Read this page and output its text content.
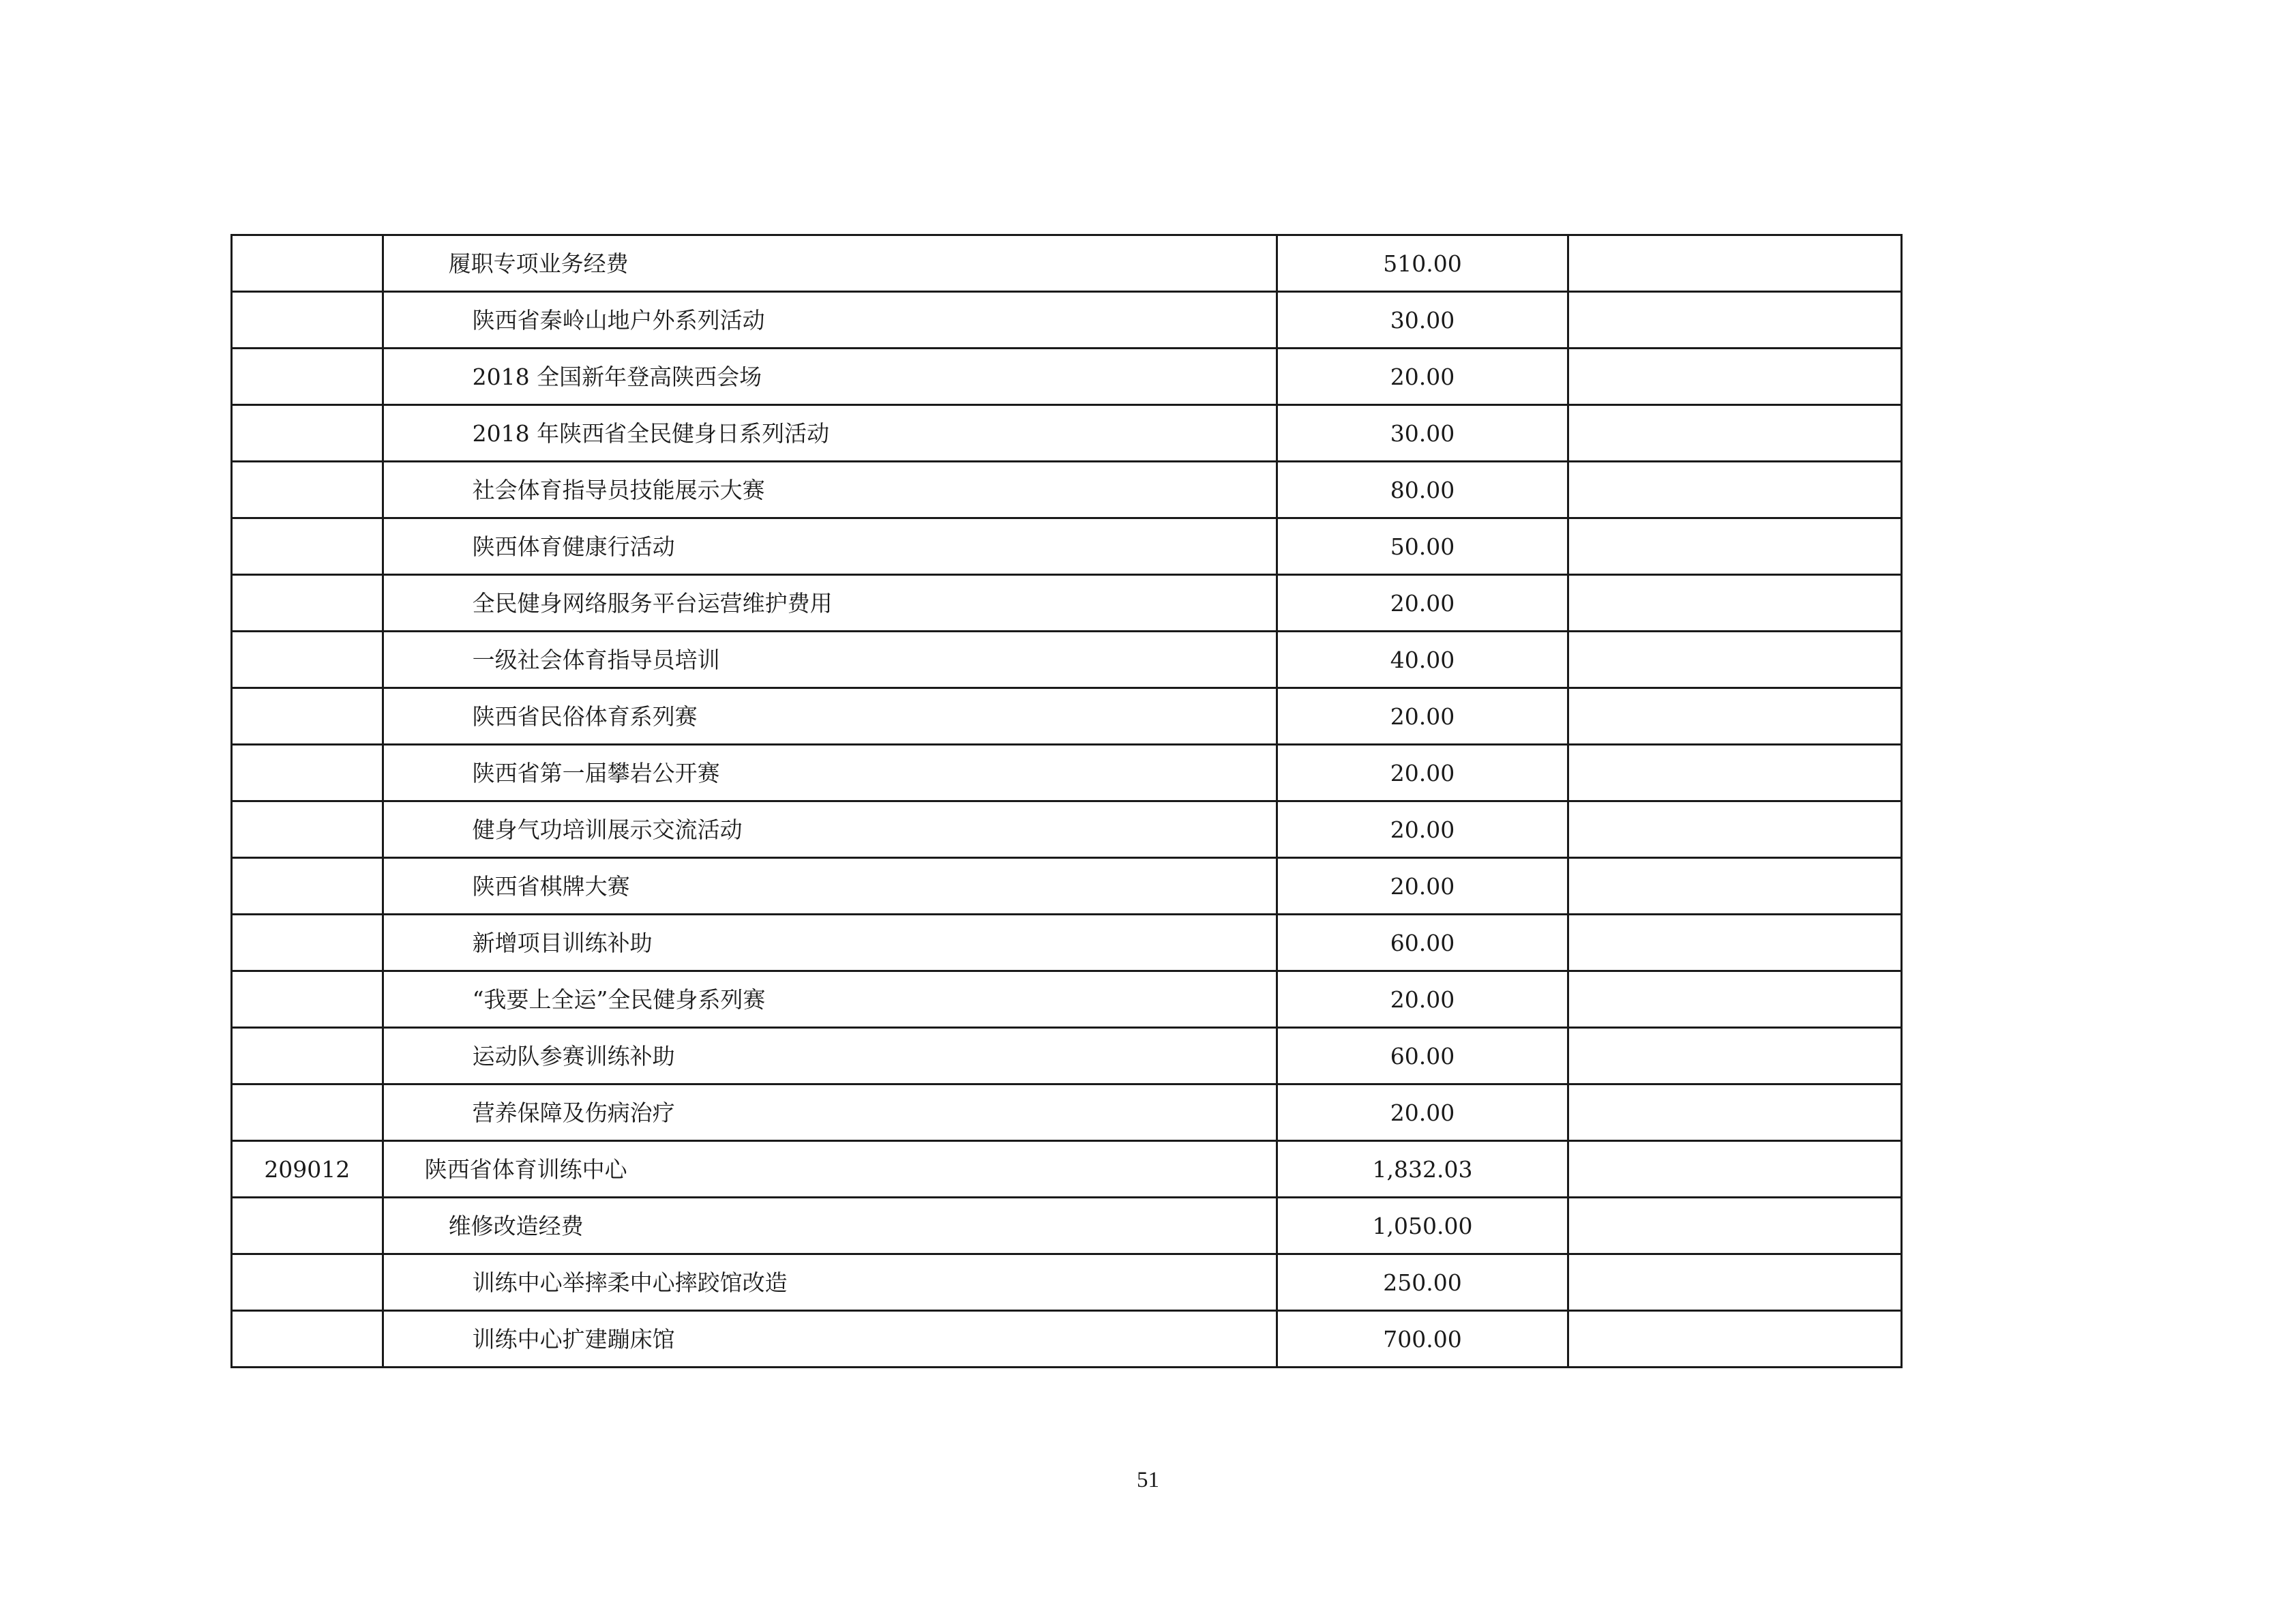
	履职专项业务经费	510.00	
	陕西省秦岭山地户外系列活动	30.00	
	2018 全国新年登高陕西会场	20.00	
	2018 年陕西省全民健身日系列活动	30.00	
	社会体育指导员技能展示大赛	80.00	
	陕西体育健康行活动	50.00	
	全民健身网络服务平台运营维护费用	20.00	
	一级社会体育指导员培训	40.00	
	陕西省民俗体育系列赛	20.00	
	陕西省第一届攀岩公开赛	20.00	
	健身气功培训展示交流活动	20.00	
	陕西省棋牌大赛	20.00	
	新增项目训练补助	60.00	
	“我要上全运”全民健身系列赛	20.00	
	运动队参赛训练补助	60.00	
	营养保障及伤病治疗	20.00	
209012	陕西省体育训练中心	1,832.03	
	维修改造经费	1,050.00	
	训练中心举摔柔中心摔跤馆改造	250.00	
	训练中心扩建蹦床馆	700.00	
51
